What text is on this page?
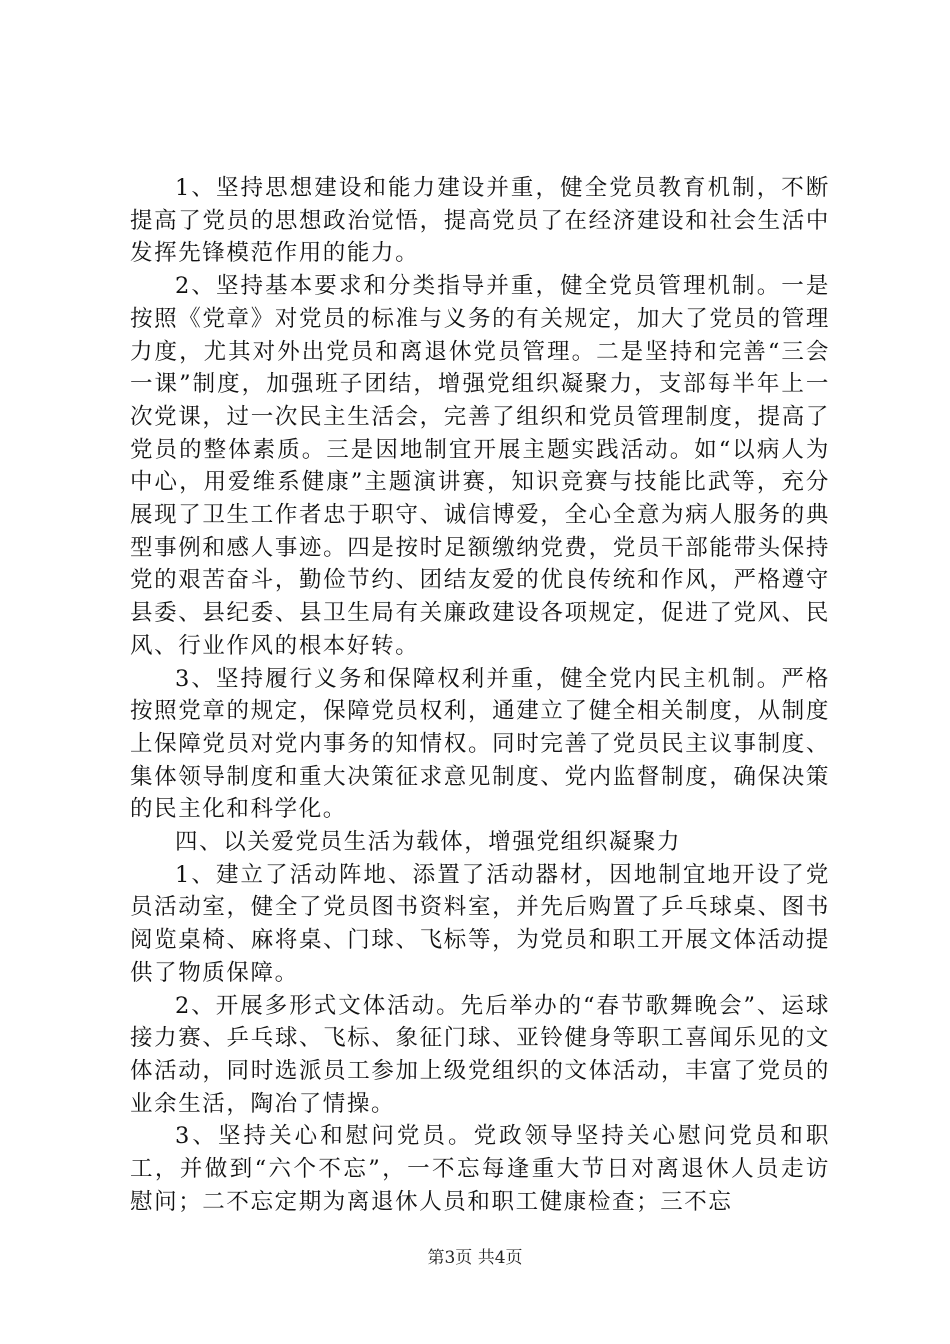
1、坚持思想建设和能力建设并重，健全党员教育机制，不断提高了党员的思想政治觉悟，提高党员了在经济建设和社会生活中发挥先锋模范作用的能力。

2、坚持基本要求和分类指导并重，健全党员管理机制。一是按照《党章》对党员的标准与义务的有关规定，加大了党员的管理力度，尤其对外出党员和离退休党员管理。二是坚持和完善“三会一课”制度，加强班子团结，增强党组织凝聚力，支部每半年上一次党课，过一次民主生活会，完善了组织和党员管理制度，提高了党员的整体素质。三是因地制宜开展主题实践活动。如“以病人为中心，用爱维系健康”主题演讲赛，知识竞赛与技能比武等，充分展现了卫生工作者忠于职守、诚信博爱，全心全意为病人服务的典型事例和感人事迹。四是按时足额缴纳党费，党员干部能带头保持党的艰苦奋斗，勤俭节约、团结友爱的优良传统和作风，严格遵守县委、县纪委、县卫生局有关廉政建设各项规定，促进了党风、民风、行业作风的根本好转。

3、坚持履行义务和保障权利并重，健全党内民主机制。严格按照党章的规定，保障党员权利，通建立了健全相关制度，从制度上保障党员对党内事务的知情权。同时完善了党员民主议事制度、集体领导制度和重大决策征求意见制度、党内监督制度，确保决策的民主化和科学化。

四、以关爱党员生活为载体，增强党组织凝聚力

1、建立了活动阵地、添置了活动器材，因地制宜地开设了党员活动室，健全了党员图书资料室，并先后购置了乒乓球桌、图书阅览桌椅、麻将桌、门球、飞标等，为党员和职工开展文体活动提供了物质保障。

2、开展多形式文体活动。先后举办的“春节歌舞晚会”、运球接力赛、乒乓球、飞标、象征门球、亚铃健身等职工喜闻乐见的文体活动，同时选派员工参加上级党组织的文体活动，丰富了党员的业余生活，陶冶了情操。

3、坚持关心和慰问党员。党政领导坚持关心慰问党员和职工，并做到“六个不忘”，一不忘每逢重大节日对离退休人员走访慰问；二不忘定期为离退休人员和职工健康检查；三不忘

第3页 共4页
